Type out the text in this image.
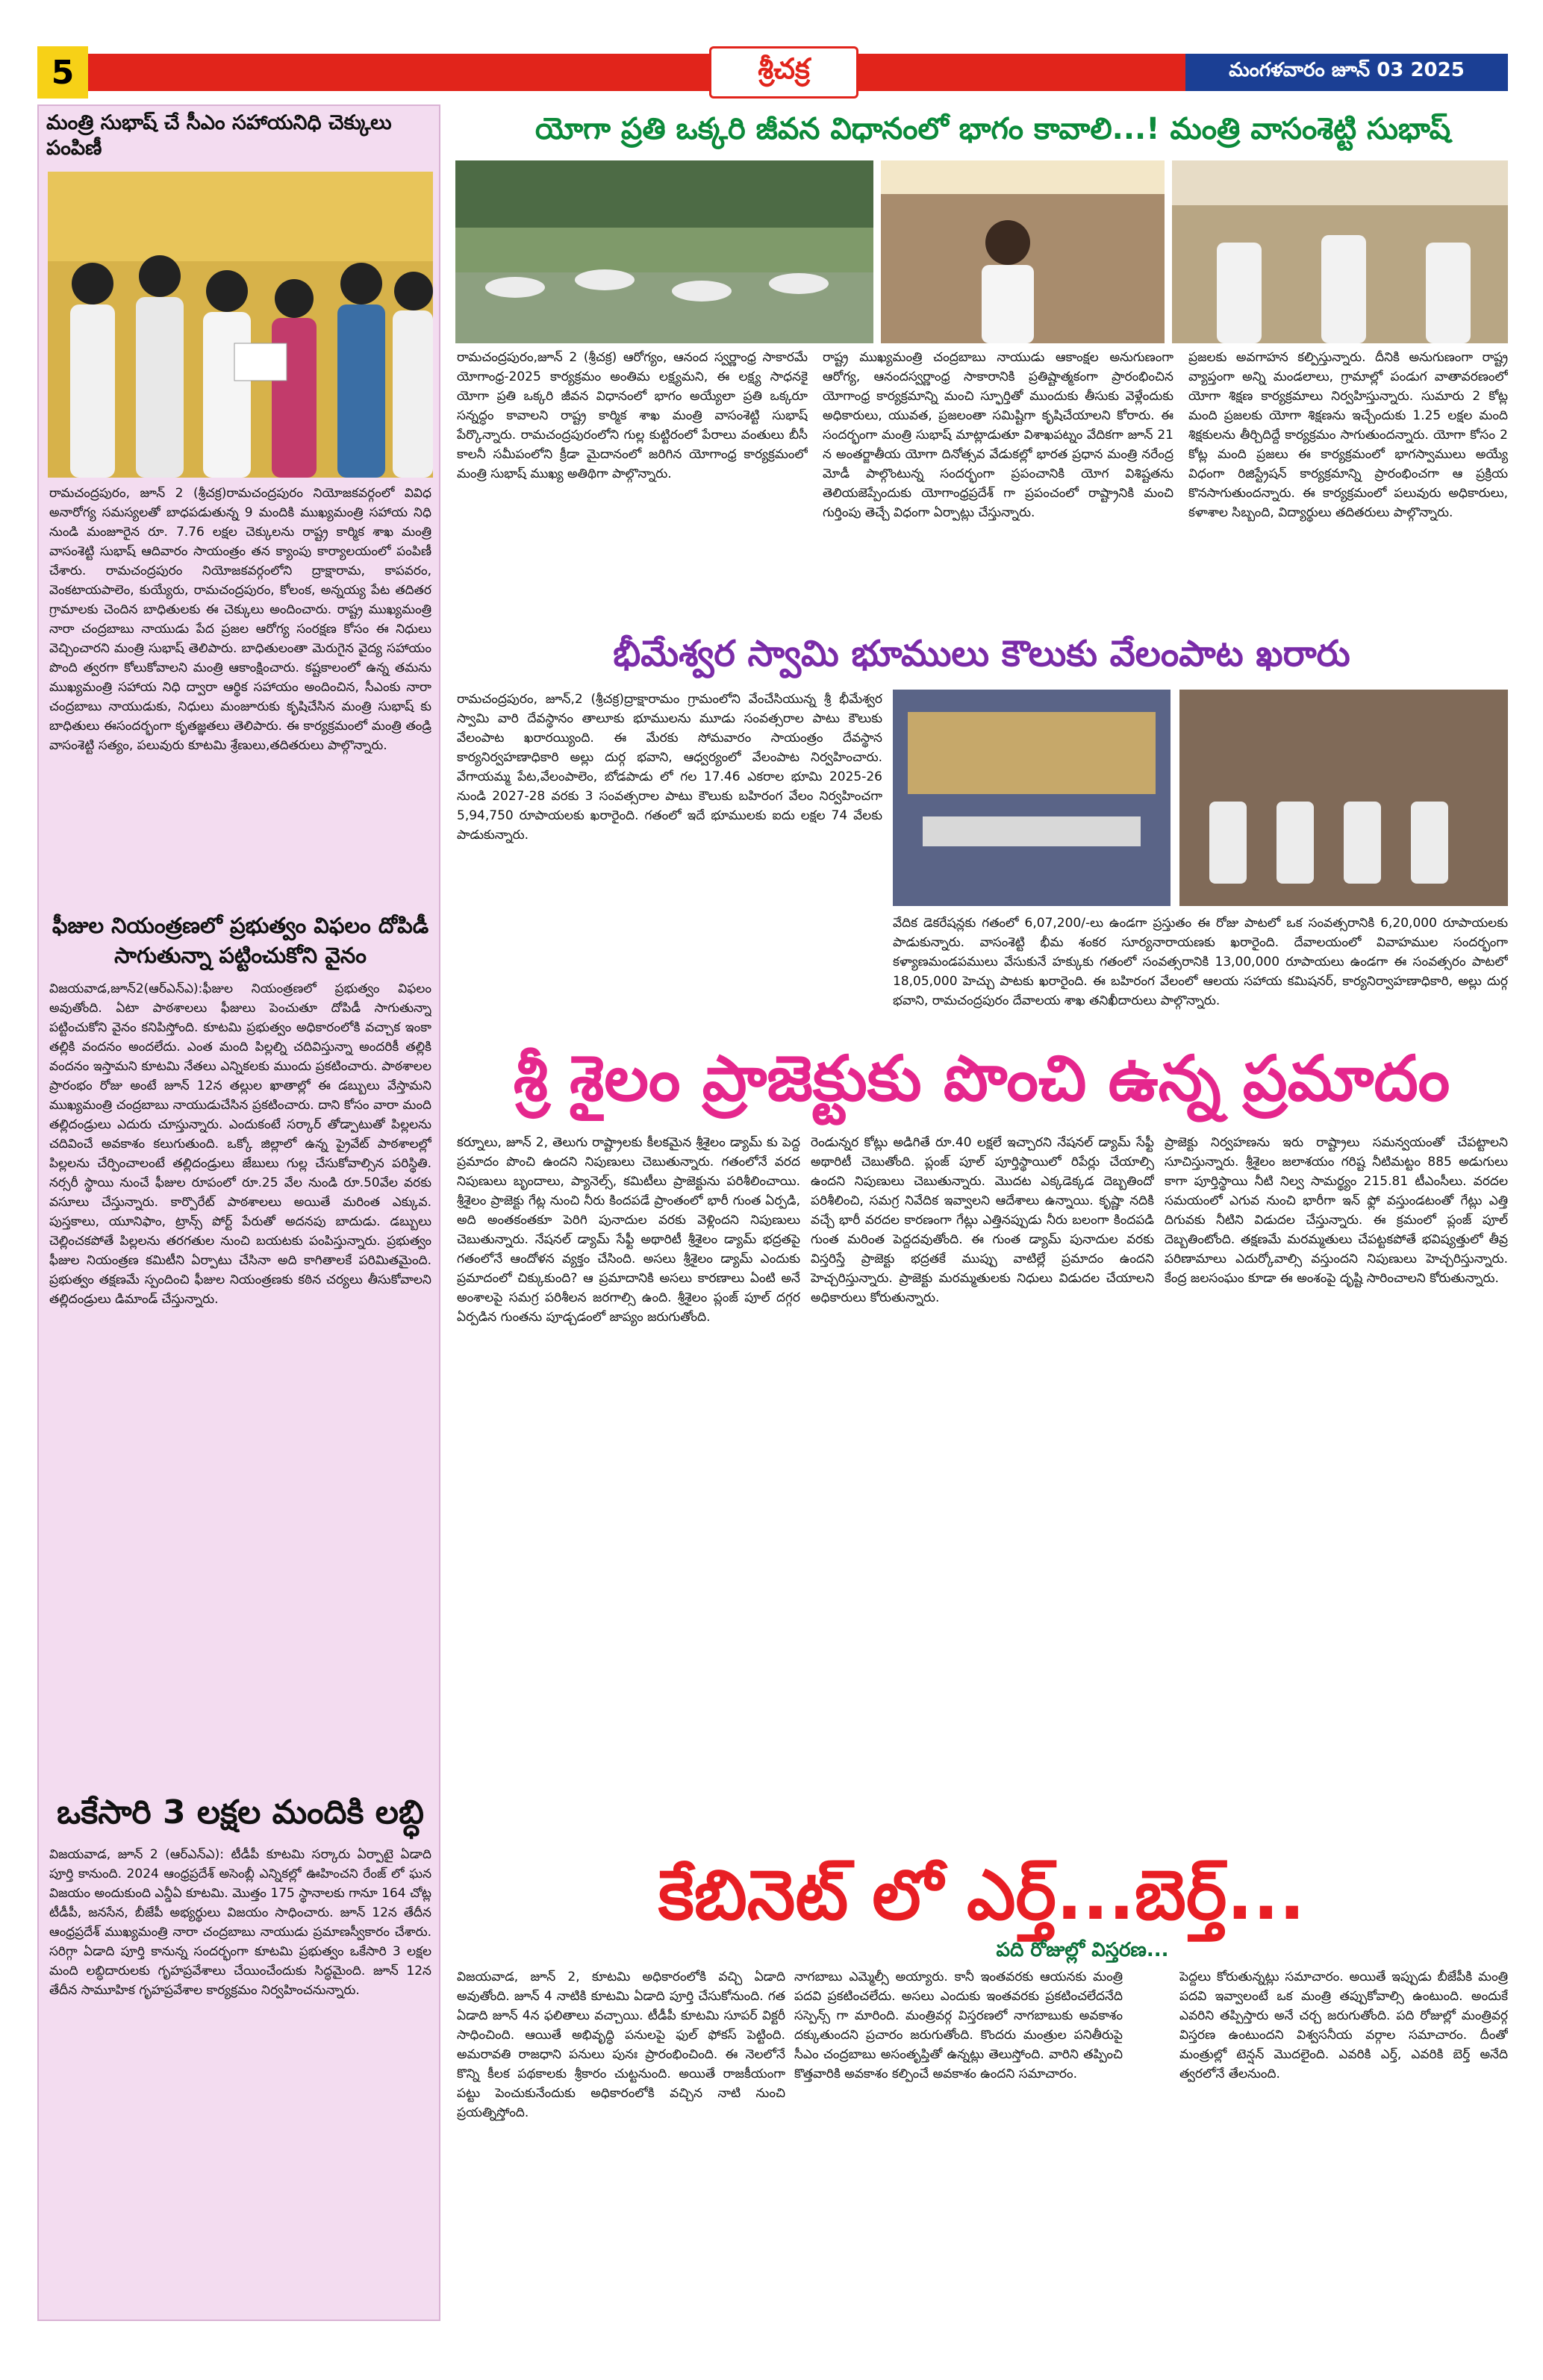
5	శ్రీచక్ర	మంగళవారం జూన్ 03 2025
మంత్రి సుభాష్ చే సీఎం సహాయనిధి చెక్కులు పంపిణీ
రామచంద్రపురం, జూన్ 2 (శ్రీచక్ర)రామచంద్రపురం నియోజకవర్గంలో వివిధ అనారోగ్య సమస్యలతో బాధపడుతున్న 9 మందికి ముఖ్యమంత్రి సహాయ నిధి నుండి మంజూరైన రూ. 7.76 లక్షల చెక్కులను రాష్ట్ర కార్మిక శాఖ మంత్రి వాసంశెట్టి సుభాష్ ఆదివారం సాయంత్రం తన క్యాంపు కార్యాలయంలో పంపిణీ చేశారు. రామచంద్రపురం నియోజకవర్గంలోని ద్రాక్షారామ, కాపవరం, వెంకటాయపాలెం, కుయ్యేరు, రామచంద్రపురం, కోలంక, అన్నయ్య పేట తదితర గ్రామాలకు చెందిన బాధితులకు ఈ చెక్కులు అందించారు. రాష్ట్ర ముఖ్యమంత్రి నారా చంద్రబాబు నాయుడు పేద ప్రజల ఆరోగ్య సంరక్షణ కోసం ఈ నిధులు వెచ్చించారని మంత్రి సుభాష్ తెలిపారు. బాధితులంతా మెరుగైన వైద్య సహాయం పొంది త్వరగా కోలుకోవాలని మంత్రి ఆకాంక్షించారు. కష్టకాలంలో ఉన్న తమను ముఖ్యమంత్రి సహాయ నిధి ద్వారా ఆర్థిక సహాయం అందించిన, సీఎంకు నారా చంద్రబాబు నాయుడుకు, నిధులు మంజూరుకు కృషిచేసిన మంత్రి సుభాష్ కు బాధితులు ఈసందర్భంగా కృతజ్ఞతలు తెలిపారు. ఈ కార్యక్రమంలో మంత్రి తండ్రి వాసంశెట్టి సత్యం, పలువురు కూటమి శ్రేణులు,తదితరులు పాల్గొన్నారు.
ఫీజుల నియంత్రణలో ప్రభుత్వం విఫలం దోపిడీ సాగుతున్నా పట్టించుకోని వైనం
విజయవాడ,జూన్2(ఆర్ఎన్ఎ):ఫీజుల నియంత్రణలో ప్రభుత్వం విఫలం అవుతోంది. ఏటా పాఠశాలలు ఫీజులు పెంచుతూ దోపిడీ సాగుతున్నా పట్టించుకోని వైనం కనిపిస్తోంది. కూటమి ప్రభుత్వం అధికారంలోకి వచ్చాక ఇంకా తల్లికి వందనం అందలేదు. ఎంత మంది పిల్లల్ని చదివిస్తున్నా అందరికీ తల్లికి వందనం ఇస్తామని కూటమి నేతలు ఎన్నికలకు ముందు ప్రకటించారు. పాఠశాలల ప్రారంభం రోజు అంటే జూన్ 12న తల్లుల ఖాతాల్లో ఈ డబ్బులు వేస్తామని ముఖ్యమంత్రి చంద్రబాబు నాయుడుచేసిన ప్రకటించారు. దాని కోసం వారా మంది తల్లిదండ్రులు ఎదురు చూస్తున్నారు. ఎందుకంటే సర్కార్ తోడ్పాటుతో పిల్లలను చదివించే అవకాశం కలుగుతుంది. ఒక్కో జిల్లాలో ఉన్న ప్రైవేట్ పాఠశాలల్లో పిల్లలను చేర్పించాలంటే తల్లిదండ్రులు జేబులు గుల్ల చేసుకోవాల్సిన పరిస్థితి. నర్సరీ స్థాయి నుంచే ఫీజుల రూపంలో రూ.25 వేల నుండి రూ.50వేల వరకు వసూలు చేస్తున్నారు. కార్పొరేట్ పాఠశాలలు అయితే మరింత ఎక్కువ. పుస్తకాలు, యూనిఫాం, ట్రాన్స్ పోర్ట్ పేరుతో అదనపు బాదుడు. డబ్బులు చెల్లించకపోతే పిల్లలను తరగతుల నుంచి బయటకు పంపిస్తున్నారు. ప్రభుత్వం ఫీజుల నియంత్రణ కమిటీని ఏర్పాటు చేసినా అది కాగితాలకే పరిమితమైంది. ప్రభుత్వం తక్షణమే స్పందించి ఫీజుల నియంత్రణకు కఠిన చర్యలు తీసుకోవాలని తల్లిదండ్రులు డిమాండ్ చేస్తున్నారు.
ఒకేసారి 3 లక్షల మందికి లబ్ధి
విజయవాడ, జూన్ 2 (ఆర్ఎన్ఎ): టీడీపీ కూటమి సర్కారు ఏర్పాటై ఏడాది పూర్తి కానుంది. 2024 ఆంధ్రప్రదేశ్ అసెంబ్లీ ఎన్నికల్లో ఊహించని రేంజ్ లో ఘన విజయం అందుకుంది ఎన్డీఏ కూటమి. మొత్తం 175 స్థానాలకు గానూ 164 చోట్ల టీడీపీ, జనసేన, బీజేపీ అభ్యర్థులు విజయం సాధించారు. జూన్ 12న తేదీన ఆంధ్రప్రదేశ్ ముఖ్యమంత్రి నారా చంద్రబాబు నాయుడు ప్రమాణస్వీకారం చేశారు. సరిగ్గా ఏడాది పూర్తి కానున్న సందర్భంగా కూటమి ప్రభుత్వం ఒకేసారి 3 లక్షల మంది లబ్ధిదారులకు గృహప్రవేశాలు చేయించేందుకు సిద్ధమైంది. జూన్ 12న తేదీన సామూహిక గృహప్రవేశాల కార్యక్రమం నిర్వహించనున్నారు.
యోగా ప్రతి ఒక్కరి జీవన విధానంలో భాగం కావాలి...! మంత్రి వాసంశెట్టి సుభాష్
రామచంద్రపురం,జూన్ 2 (శ్రీచక్ర) ఆరోగ్యం, ఆనంద స్వర్ణాంధ్ర సాకారమే యోగాంధ్ర-2025 కార్యక్రమం అంతిమ లక్ష్యమని, ఈ లక్ష్య సాధనకై యోగా ప్రతి ఒక్కరి జీవన విధానంలో భాగం అయ్యేలా ప్రతి ఒక్కరూ సన్నద్ధం కావాలని రాష్ట్ర కార్మిక శాఖ మంత్రి వాసంశెట్టి సుభాష్ పేర్కొన్నారు. రామచంద్రపురంలోని గుల్ల కుట్టిరంలో పేరాలు వంతులు బీసీ కాలనీ సమీపంలోని క్రీడా మైదానంలో జరిగిన యోగాంధ్ర కార్యక్రమంలో మంత్రి సుభాష్ ముఖ్య అతిథిగా పాల్గొన్నారు.
రాష్ట్ర ముఖ్యమంత్రి చంద్రబాబు నాయుడు ఆకాంక్షల అనుగుణంగా ఆరోగ్య, ఆనందస్వర్ణాంధ్ర సాకారానికి ప్రతిష్టాత్మకంగా ప్రారంభించిన యోగాంధ్ర కార్యక్రమాన్ని మంచి స్ఫూర్తితో ముందుకు తీసుకు వెళ్లేందుకు అధికారులు, యువత, ప్రజలంతా సమిష్టిగా కృషిచేయాలని కోరారు. ఈ సందర్భంగా మంత్రి సుభాష్ మాట్లాడుతూ విశాఖపట్నం వేదికగా జూన్ 21 న అంతర్జాతీయ యోగా దినోత్సవ వేడుకల్లో భారత ప్రధాన మంత్రి నరేంద్ర మోడీ పాల్గొంటున్న సందర్భంగా ప్రపంచానికి యోగ విశిష్టతను తెలియజెప్పేందుకు యోగాంధ్రప్రదేశ్ గా ప్రపంచంలో రాష్ట్రానికి మంచి గుర్తింపు తెచ్చే విధంగా ఏర్పాట్లు చేస్తున్నారు.
ప్రజలకు అవగాహన కల్పిస్తున్నారు. దీనికి అనుగుణంగా రాష్ట్ర వ్యాప్తంగా అన్ని మండలాలు, గ్రామాల్లో పండుగ వాతావరణంలో యోగా శిక్షణ కార్యక్రమాలు నిర్వహిస్తున్నారు. సుమారు 2 కోట్ల మంది ప్రజలకు యోగా శిక్షణను ఇచ్చేందుకు 1.25 లక్షల మంది శిక్షకులను తీర్చిదిద్దే కార్యక్రమం సాగుతుందన్నారు. యోగా కోసం 2 కోట్ల మంది ప్రజలు ఈ కార్యక్రమంలో భాగస్వాములు అయ్యే విధంగా రిజిస్ట్రేషన్ కార్యక్రమాన్ని ప్రారంభించగా ఆ ప్రక్రియ కొనసాగుతుందన్నారు. ఈ కార్యక్రమంలో పలువురు అధికారులు, కళాశాల సిబ్బంది, విద్యార్థులు తదితరులు పాల్గొన్నారు.
భీమేశ్వర స్వామి భూములు కౌలుకు వేలంపాట ఖరారు
రామచంద్రపురం, జూన్,2 (శ్రీచక్ర)ద్రాక్షారామం గ్రామంలోని వేంచేసియున్న శ్రీ భీమేశ్వర స్వామి వారి దేవస్థానం తాలూకు భూములను మూడు సంవత్సరాల పాటు కౌలుకు వేలంపాట ఖరారయ్యింది. ఈ మేరకు సోమవారం సాయంత్రం దేవస్థాన కార్యనిర్వహణాధికారి అల్లు దుర్గ భవాని, ఆధ్వర్యంలో వేలంపాట నిర్వహించారు. వేగాయమ్మ పేట,వేలంపాలెం, బోడపాడు లో గల 17.46 ఎకరాల భూమి 2025-26 నుండి 2027-28 వరకు 3 సంవత్సరాల పాటు కౌలుకు బహిరంగ వేలం నిర్వహించగా 5,94,750 రూపాయలకు ఖరారైంది. గతంలో ఇదే భూములకు ఐదు లక్షల 74 వేలకు పాడుకున్నారు.
వేదిక డెకరేషన్లకు గతంలో 6,07,200/-లు ఉండగా ప్రస్తుతం ఈ రోజు పాటలో ఒక సంవత్సరానికి 6,20,000 రూపాయలకు పాడుకున్నారు. వాసంశెట్టి భీమ శంకర సూర్యనారాయణకు ఖరారైంది. దేవాలయంలో వివాహముల సందర్భంగా కళ్యాణమండపములు వేసుకునే హక్కుకు గతంలో సంవత్సరానికి 13,00,000 రూపాయలు ఉండగా ఈ సంవత్సరం పాటలో 18,05,000 హెచ్చు పాటకు ఖరారైంది. ఈ బహిరంగ వేలంలో ఆలయ సహాయ కమిషనర్, కార్యనిర్వాహణాధికారి, అల్లు దుర్గ భవాని, రామచంద్రపురం దేవాలయ శాఖ తనిఖీదారులు పాల్గొన్నారు.
శ్రీ శైలం ప్రాజెక్టుకు పొంచి ఉన్న ప్రమాదం
కర్నూలు, జూన్ 2, తెలుగు రాష్ట్రాలకు కీలకమైన శ్రీశైలం డ్యామ్ కు పెద్ద ప్రమాదం పొంచి ఉందని నిపుణులు చెబుతున్నారు. గతంలోనే వరద నిపుణులు బృందాలు, ప్యానెల్స్, కమిటీలు ప్రాజెక్టును పరిశీలించాయి. శ్రీశైలం ప్రాజెక్టు గేట్ల నుంచి నీరు కిందపడే ప్రాంతంలో భారీ గుంత ఏర్పడి, అది అంతకంతకూ పెరిగి పునాదుల వరకు వెళ్లిందని నిపుణులు చెబుతున్నారు. నేషనల్ డ్యామ్ సేఫ్టీ అథారిటీ శ్రీశైలం డ్యామ్ భద్రతపై గతంలోనే ఆందోళన వ్యక్తం చేసింది. అసలు శ్రీశైలం డ్యామ్ ఎందుకు ప్రమాదంలో చిక్కుకుంది? ఆ ప్రమాదానికి అసలు కారణాలు ఏంటి అనే అంశాలపై సమగ్ర పరిశీలన జరగాల్సి ఉంది. శ్రీశైలం ప్లంజ్ పూల్ దగ్గర ఏర్పడిన గుంతను పూడ్చడంలో జాప్యం జరుగుతోంది.
రెండున్నర కోట్లు అడిగితే రూ.40 లక్షలే ఇచ్చారని నేషనల్ డ్యామ్ సేఫ్టీ అథారిటీ చెబుతోంది. ప్లంజ్ పూల్ పూర్తిస్థాయిలో రిపేర్లు చేయాల్సి ఉందని నిపుణులు చెబుతున్నారు. మొదట ఎక్కడెక్కడ దెబ్బతిందో పరిశీలించి, సమగ్ర నివేదిక ఇవ్వాలని ఆదేశాలు ఉన్నాయి. కృష్ణా నదికి వచ్చే భారీ వరదల కారణంగా గేట్లు ఎత్తినప్పుడు నీరు బలంగా కిందపడి గుంత మరింత పెద్దదవుతోంది. ఈ గుంత డ్యామ్ పునాదుల వరకు విస్తరిస్తే ప్రాజెక్టు భద్రతకే ముప్పు వాటిల్లే ప్రమాదం ఉందని హెచ్చరిస్తున్నారు. ప్రాజెక్టు మరమ్మతులకు నిధులు విడుదల చేయాలని అధికారులు కోరుతున్నారు.
ప్రాజెక్టు నిర్వహణను ఇరు రాష్ట్రాలు సమన్వయంతో చేపట్టాలని సూచిస్తున్నారు. శ్రీశైలం జలాశయం గరిష్ట నీటిమట్టం 885 అడుగులు కాగా పూర్తిస్థాయి నీటి నిల్వ సామర్థ్యం 215.81 టీఎంసీలు. వరదల సమయంలో ఎగువ నుంచి భారీగా ఇన్ ఫ్లో వస్తుండటంతో గేట్లు ఎత్తి దిగువకు నీటిని విడుదల చేస్తున్నారు. ఈ క్రమంలో ప్లంజ్ పూల్ దెబ్బతింటోంది. తక్షణమే మరమ్మతులు చేపట్టకపోతే భవిష్యత్తులో తీవ్ర పరిణామాలు ఎదుర్కోవాల్సి వస్తుందని నిపుణులు హెచ్చరిస్తున్నారు. కేంద్ర జలసంఘం కూడా ఈ అంశంపై దృష్టి సారించాలని కోరుతున్నారు.
కేబినెట్ లో ఎర్త్...బెర్త్...
పది రోజుల్లో విస్తరణ...
విజయవాడ, జూన్ 2, కూటమి అధికారంలోకి వచ్చి ఏడాది అవుతోంది. జూన్ 4 నాటికి కూటమి ఏడాది పూర్తి చేసుకోనుంది. గత ఏడాది జూన్ 4న ఫలితాలు వచ్చాయి. టీడీపీ కూటమి సూపర్ విక్టరీ సాధించింది. ఆయితే అభివృద్ధి పనులపై ఫుల్ ఫోకస్ పెట్టింది. అమరావతి రాజధాని పనులు పునః ప్రారంభించింది. ఈ నెలలోనే కొన్ని కీలక పథకాలకు శ్రీకారం చుట్టనుంది. అయితే రాజకీయంగా పట్టు పెంచుకునేందుకు అధికారంలోకి వచ్చిన నాటి నుంచి ప్రయత్నిస్తోంది.
నాగబాబు ఎమ్మెల్సీ అయ్యారు. కానీ ఇంతవరకు ఆయనకు మంత్రి పదవి ప్రకటించలేదు. అసలు ఎందుకు ఇంతవరకు ప్రకటించలేదనేది సస్పెన్స్ గా మారింది. మంత్రివర్గ విస్తరణలో నాగబాబుకు అవకాశం దక్కుతుందని ప్రచారం జరుగుతోంది. కొందరు మంత్రుల పనితీరుపై సీఎం చంద్రబాబు అసంతృప్తితో ఉన్నట్లు తెలుస్తోంది. వారిని తప్పించి కొత్తవారికి అవకాశం కల్పించే అవకాశం ఉందని సమాచారం.
పెద్దలు కోరుతున్నట్లు సమాచారం. అయితే ఇప్పుడు బీజేపీకి మంత్రి పదవి ఇవ్వాలంటే ఒక మంత్రి తప్పుకోవాల్సి ఉంటుంది. అందుకే ఎవరిని తప్పిస్తారు అనే చర్చ జరుగుతోంది. పది రోజుల్లో మంత్రివర్గ విస్తరణ ఉంటుందని విశ్వసనీయ వర్గాల సమాచారం. దీంతో మంత్రుల్లో టెన్షన్ మొదలైంది. ఎవరికి ఎర్త్, ఎవరికి బెర్త్ అనేది త్వరలోనే తేలనుంది.
